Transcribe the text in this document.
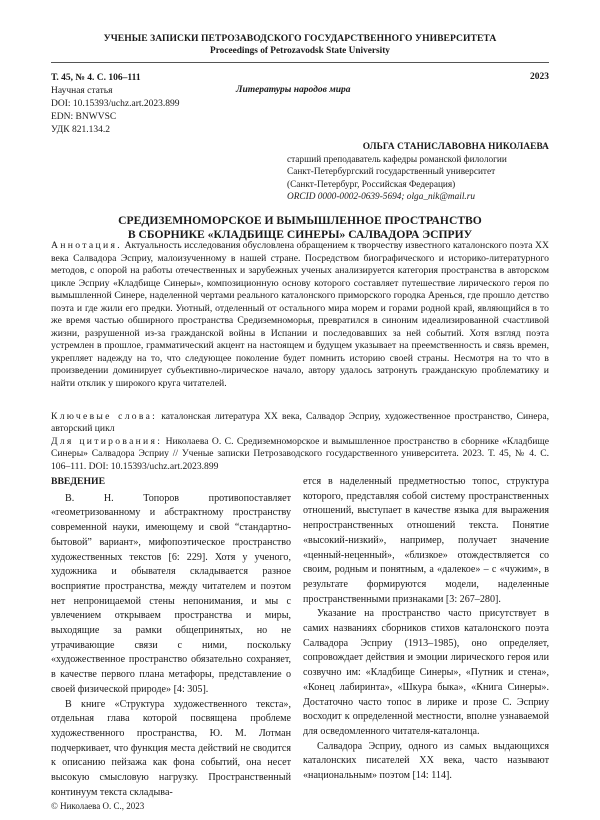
УЧЕНЫЕ ЗАПИСКИ ПЕТРОЗАВОДСКОГО ГОСУДАРСТВЕННОГО УНИВЕРСИТЕТА
Proceedings of Petrozavodsk State University
Т. 45, № 4. С. 106–111	2023
Научная статья	Литературы народов мира
DOI: 10.15393/uchz.art.2023.899
EDN: BNWVSC
УДК 821.134.2
ОЛЬГА СТАНИСЛАВОВНА НИКОЛАЕВА
старший преподаватель кафедры романской филологии
Санкт-Петербургский государственный университет
(Санкт-Петербург, Российская Федерация)
ORCID 0000-0002-0639-5694; olga_nik@mail.ru
СРЕДИЗЕМНОМОРСКОЕ И ВЫМЫШЛЕННОЕ ПРОСТРАНСТВО
В СБОРНИКЕ «КЛАДБИЩЕ СИНЕРЫ» САЛВАДОРА ЭСПРИУ
Аннотация. Актуальность исследования обусловлена обращением к творчеству известного каталонского поэта XX века Салвадора Эсприу, малоизученному в нашей стране. Посредством биографического и историко-литературного методов, с опорой на работы отечественных и зарубежных ученых анализируется категория пространства в авторском цикле Эсприу «Кладбище Синеры», композиционную основу которого составляет путешествие лирического героя по вымышленной Синере, наделенной чертами реального каталонского приморского городка Аренься, где прошло детство поэта и где жили его предки. Уютный, отделенный от остального мира морем и горами родной край, являющийся в то же время частью обширного пространства Средиземноморья, превратился в синоним идеализированной счастливой жизни, разрушенной из-за гражданской войны в Испании и последовавших за ней событий. Хотя взгляд поэта устремлен в прошлое, грамматический акцент на настоящем и будущем указывает на преемственность и связь времен, укрепляет надежду на то, что следующее поколение будет помнить историю своей страны. Несмотря на то что в произведении доминирует субъективно-лирическое начало, автору удалось затронуть гражданскую проблематику и найти отклик у широкого круга читателей.
Ключевые слова: каталонская литература XX века, Салвадор Эсприу, художественное пространство, Синера, авторский цикл
Для цитирования: Николаева О. С. Средиземноморское и вымышленное пространство в сборнике «Кладбище Синеры» Салвадора Эсприу // Ученые записки Петрозаводского государственного университета. 2023. Т. 45, № 4. С. 106–111. DOI: 10.15393/uchz.art.2023.899
ВВЕДЕНИЕ

В. Н. Топоров противопоставляет «геометризованному и абстрактному пространству современной науки, имеющему и свой “стандартно-бытовой” вариант», мифопоэтическое пространство художественных текстов [6: 229]. Хотя у ученого, художника и обывателя складывается разное восприятие пространства, между читателем и поэтом нет непроницаемой стены непонимания, и мы с увлечением открываем пространства и миры, выходящие за рамки общепринятых, но не утрачивающие связи с ними, поскольку «художественное пространство обязательно сохраняет, в качестве первого плана метафоры, представление о своей физической природе» [4: 305].

В книге «Структура художественного текста», отдельная глава которой посвящена проблеме художественного пространства, Ю. М. Лотман подчеркивает, что функция места действий не сводится к описанию пейзажа как фона событий, она несет высокую смысловую нагрузку. Пространственный континуум текста складыва-

ется в наделенный предметностью топос, структура которого, представляя собой систему пространственных отношений, выступает в качестве языка для выражения непространственных отношений текста. Понятие «высокий-низкий», например, получает значение «ценный-неценный», «близкое» отождествляется со своим, родным и понятным, а «далекое» – с «чужим», в результате формируются модели, наделенные пространственными признаками [3: 267–280].

Указание на пространство часто присутствует в самих названиях сборников стихов каталонского поэта Салвадора Эсприу (1913–1985), оно определяет, сопровождает действия и эмоции лирического героя или созвучно им: «Кладбище Синеры», «Путник и стена», «Конец лабиринта», «Шкура быка», «Книга Синеры». Достаточно часто топос в лирике и прозе С. Эсприу восходит к определенной местности, вполне узнаваемой для осведомленного читателя-каталонца.

Салвадора Эсприу, одного из самых выдающихся каталонских писателей XX века, часто называют «национальным» поэтом [14: 114].

© Николаева О. С., 2023
